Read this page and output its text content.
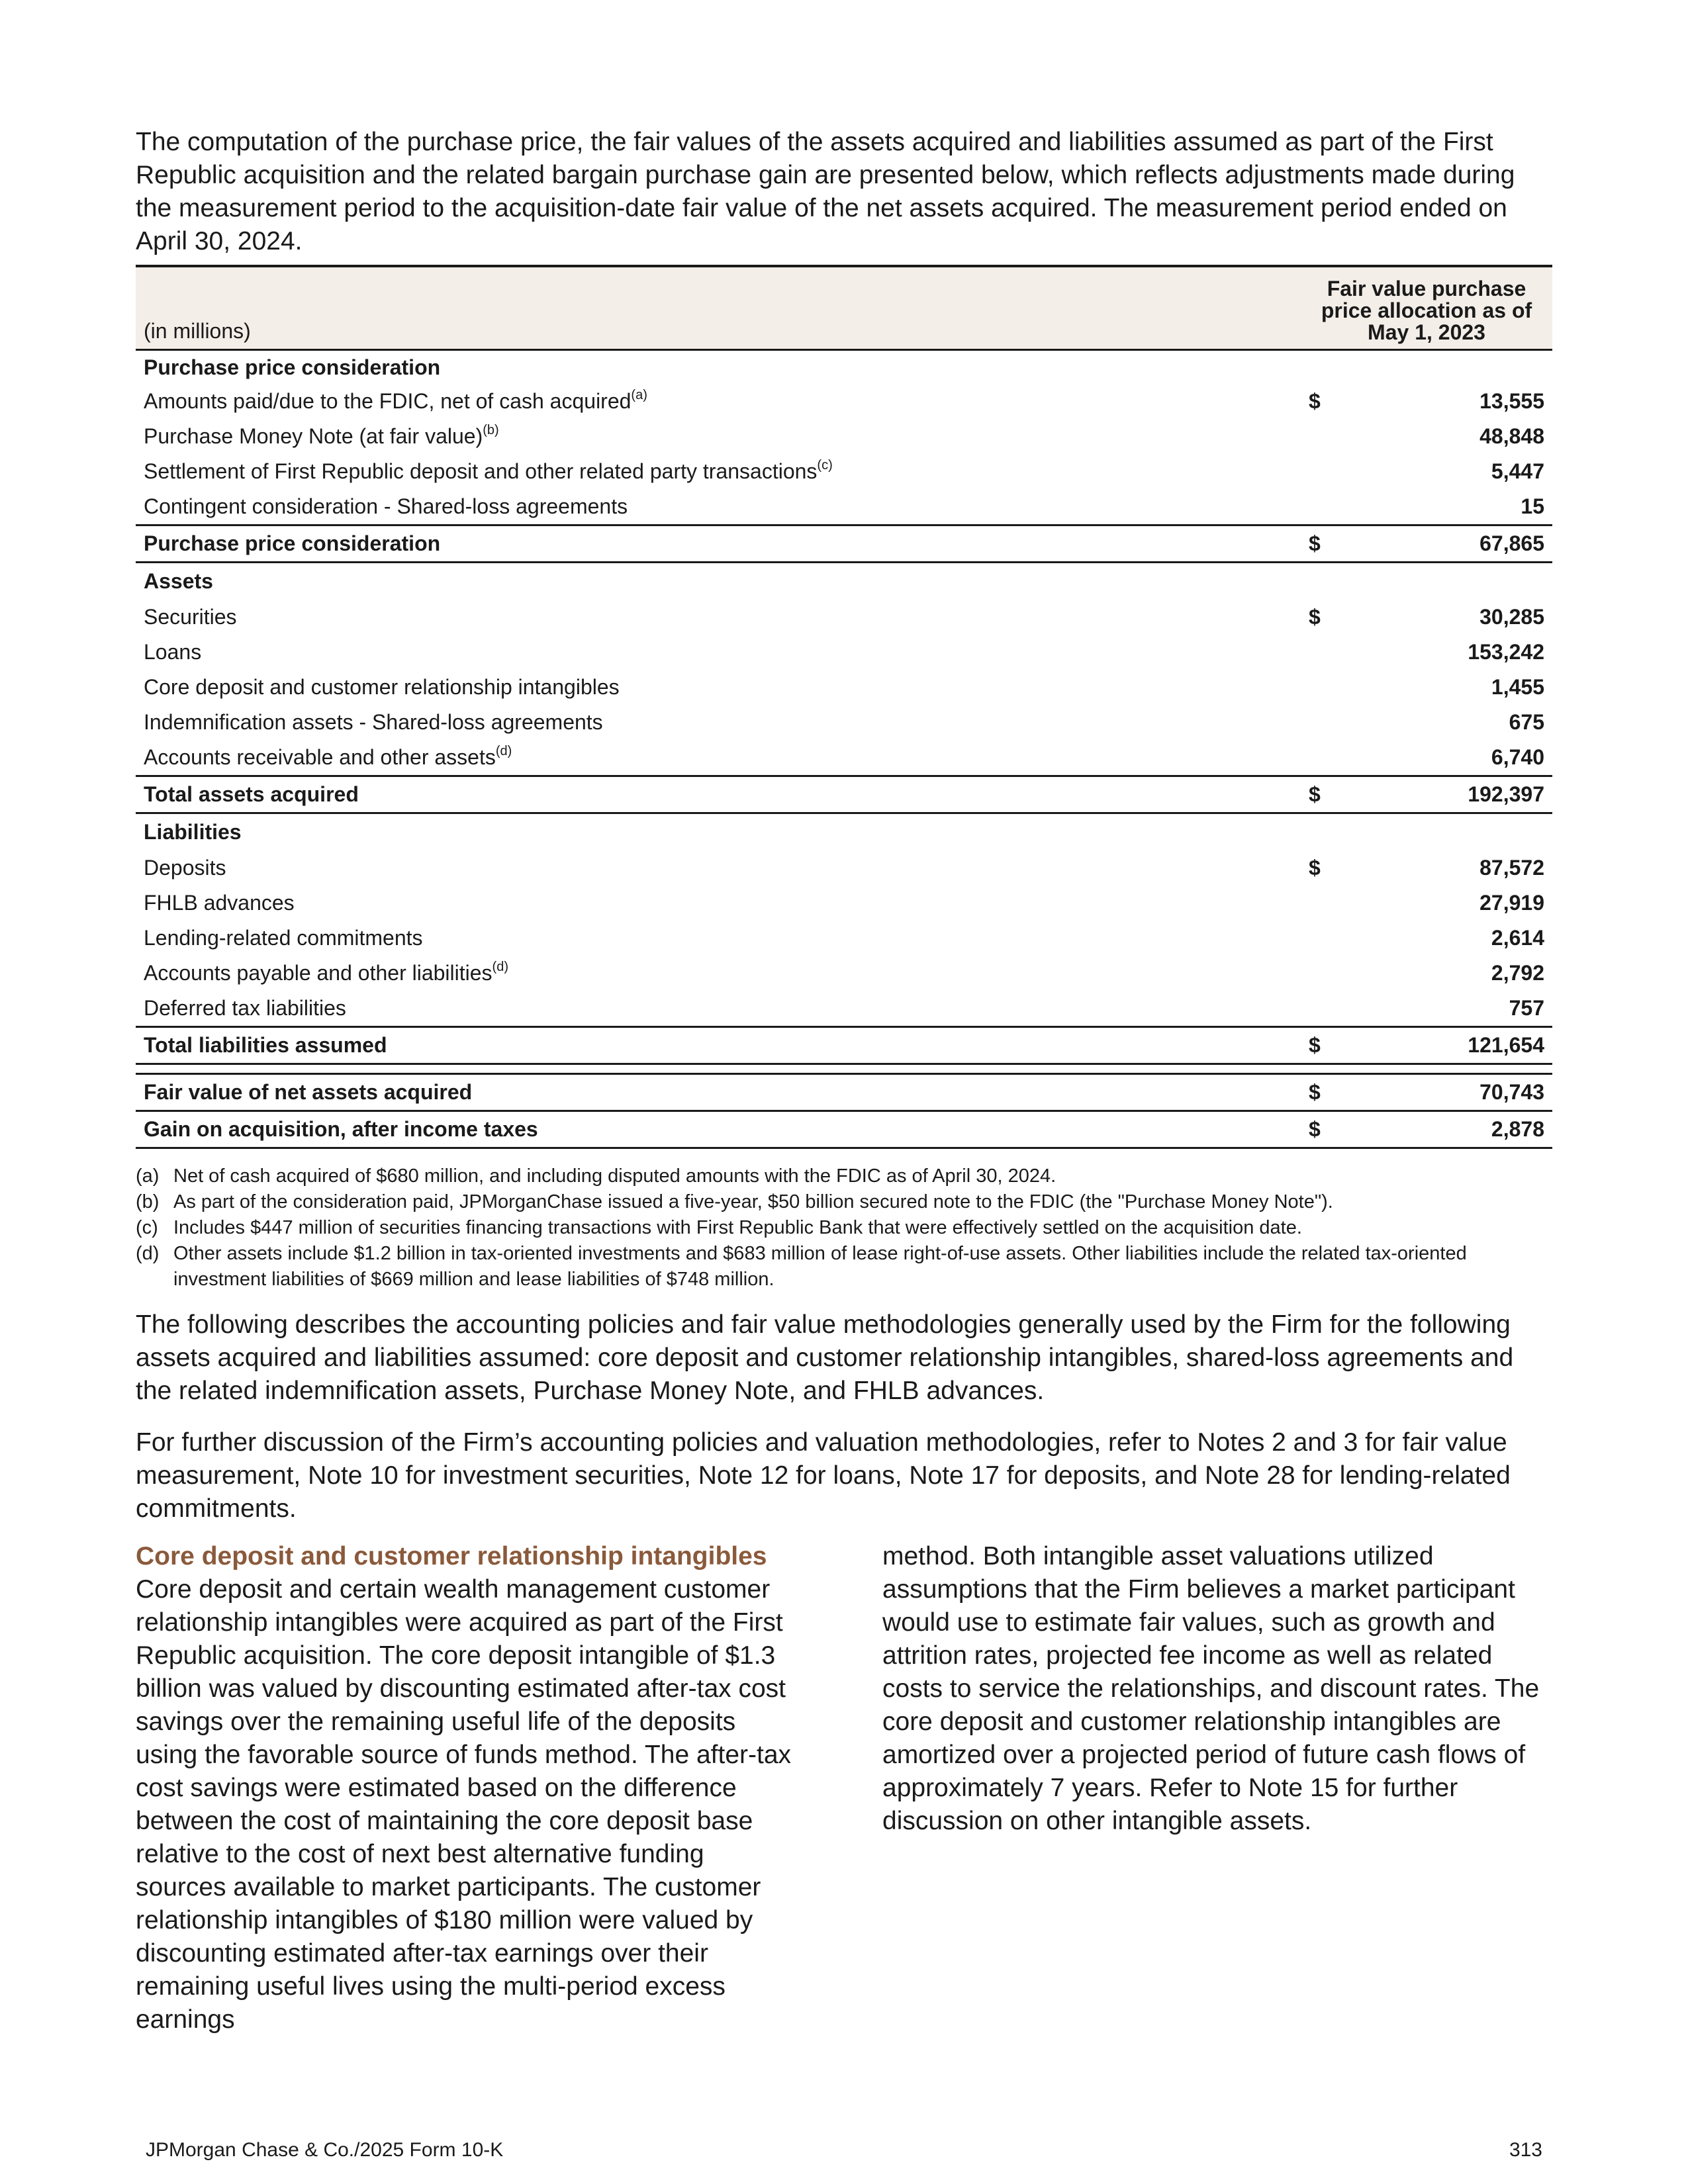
The computation of the purchase price, the fair values of the assets acquired and liabilities assumed as part of the First Republic acquisition and the related bargain purchase gain are presented below, which reflects adjustments made during the measurement period to the acquisition-date fair value of the net assets acquired. The measurement period ended on April 30, 2024.

(in millions)	Fair value purchase
price allocation as of
May 1, 2023	
Purchase price consideration		
Amounts paid/due to the FDIC, net of cash acquired$^{(a)}$	$	13,555
Purchase Money Note (at fair value)$^{(b)}$		48,848
Settlement of First Republic deposit and other related party transactions$^{(c)}$		5,447
Contingent consideration - Shared-loss agreements		15
Purchase price consideration	$	67,865
Assets		
Securities	$	30,285
Loans		153,242
Core deposit and customer relationship intangibles		1,455
Indemnification assets - Shared-loss agreements		675
Accounts receivable and other assets$^{(d)}$		6,740
Total assets acquired	$	192,397
Liabilities		
Deposits	$	87,572
FHLB advances		27,919
Lending-related commitments		2,614
Accounts payable and other liabilities$^{(d)}$		2,792
Deferred tax liabilities		757
Total liabilities assumed	$	121,654

Fair value of net assets acquired	$	70,743
Gain on acquisition, after income taxes	$	2,878
(a) Net of cash acquired of $680 million, and including disputed amounts with the FDIC as of April 30, 2024.
(b) As part of the consideration paid, JPMorganChase issued a five-year, $50 billion secured note to the FDIC (the "Purchase Money Note").
(c) Includes $447 million of securities financing transactions with First Republic Bank that were effectively settled on the acquisition date.
(d) Other assets include $1.2 billion in tax-oriented investments and $683 million of lease right-of-use assets. Other liabilities include the related tax-oriented investment liabilities of $669 million and lease liabilities of $748 million.

The following describes the accounting policies and fair value methodologies generally used by the Firm for the following assets acquired and liabilities assumed: core deposit and customer relationship intangibles, shared-loss agreements and the related indemnification assets, Purchase Money Note, and FHLB advances.

For further discussion of the Firm’s accounting policies and valuation methodologies, refer to Notes 2 and 3 for fair value measurement, Note 10 for investment securities, Note 12 for loans, Note 17 for deposits, and Note 28 for lending-related commitments.

Core deposit and customer relationship intangibles
Core deposit and certain wealth management customer relationship intangibles were acquired as part of the First Republic acquisition. The core deposit intangible of $1.3 billion was valued by discounting estimated after-tax cost savings over the remaining useful life of the deposits using the favorable source of funds method. The after-tax cost savings were estimated based on the difference between the cost of maintaining the core deposit base relative to the cost of next best alternative funding sources available to market participants. The customer relationship intangibles of $180 million were valued by discounting estimated after-tax earnings over their remaining useful lives using the multi-period excess earnings
method. Both intangible asset valuations utilized assumptions that the Firm believes a market participant would use to estimate fair values, such as growth and attrition rates, projected fee income as well as related costs to service the relationships, and discount rates. The core deposit and customer relationship intangibles are amortized over a projected period of future cash flows of approximately 7 years. Refer to Note 15 for further discussion on other intangible assets.
JPMorgan Chase & Co./2025 Form 10-K	313
